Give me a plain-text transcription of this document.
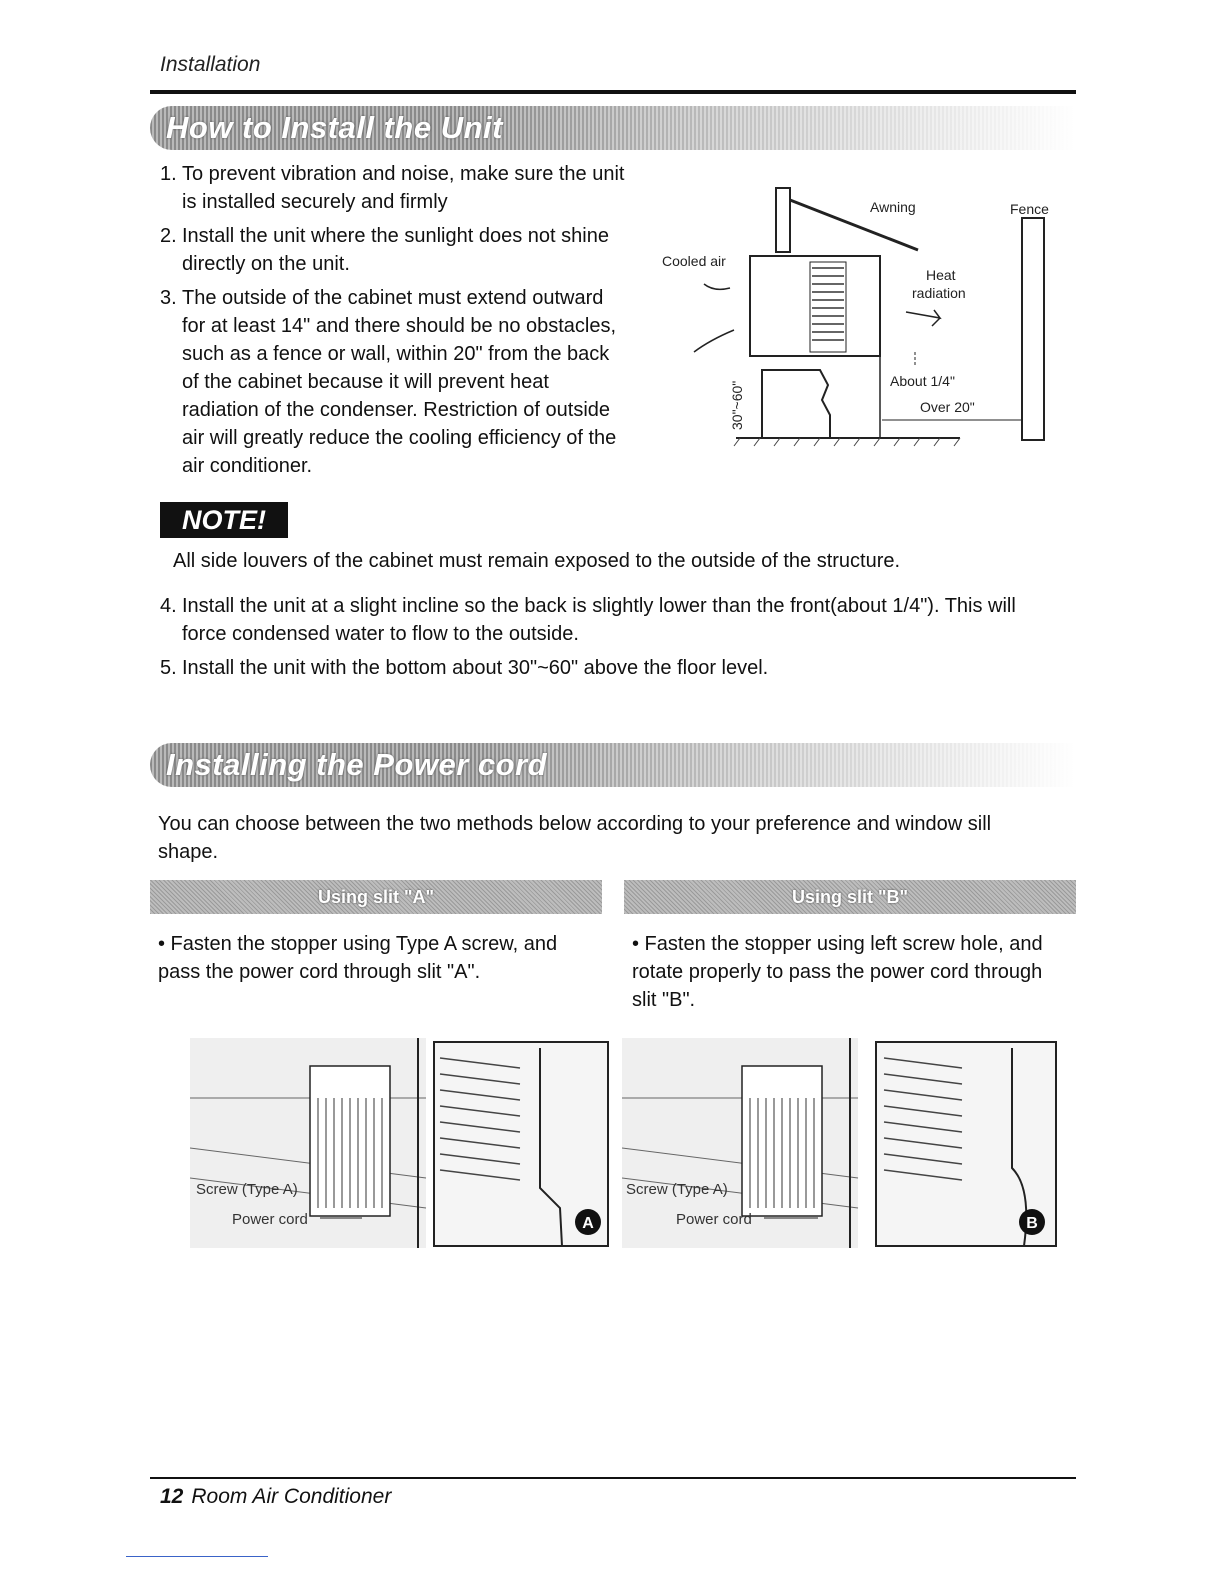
Installation
How to Install the Unit
1. To prevent vibration and noise, make sure the unit is installed securely and firmly
2. Install the unit where the sunlight does not shine directly on the unit.
3. The outside of the cabinet must extend outward for at least 14" and there should be no obstacles, such as a fence or wall, within 20" from the back of the cabinet because it will prevent heat radiation of the condenser. Restriction of outside air will greatly reduce the cooling efficiency of the air conditioner.
Awning	Fence
Cooled air
Heat
radiation
About 1/4"
Over 20"
30"~60"
NOTE!
All side louvers of the cabinet must remain exposed to the outside of the structure.
4. Install the unit at a slight incline so the back is slightly lower than the front(about 1/4"). This will force condensed water to flow to the outside.
5. Install the unit with the bottom about 30"~60" above the floor level.
Installing the Power cord
You can choose between the two methods below according to your preference and window sill shape.
Using slit "A"
• Fasten the stopper using Type A screw, and pass the power cord through slit "A".
A
Screw (Type A)
Power cord
Using slit "B"
• Fasten the stopper using left screw hole, and rotate properly to pass the power cord through slit "B".
B
Screw (Type A)
Power cord
12 Room Air Conditioner
